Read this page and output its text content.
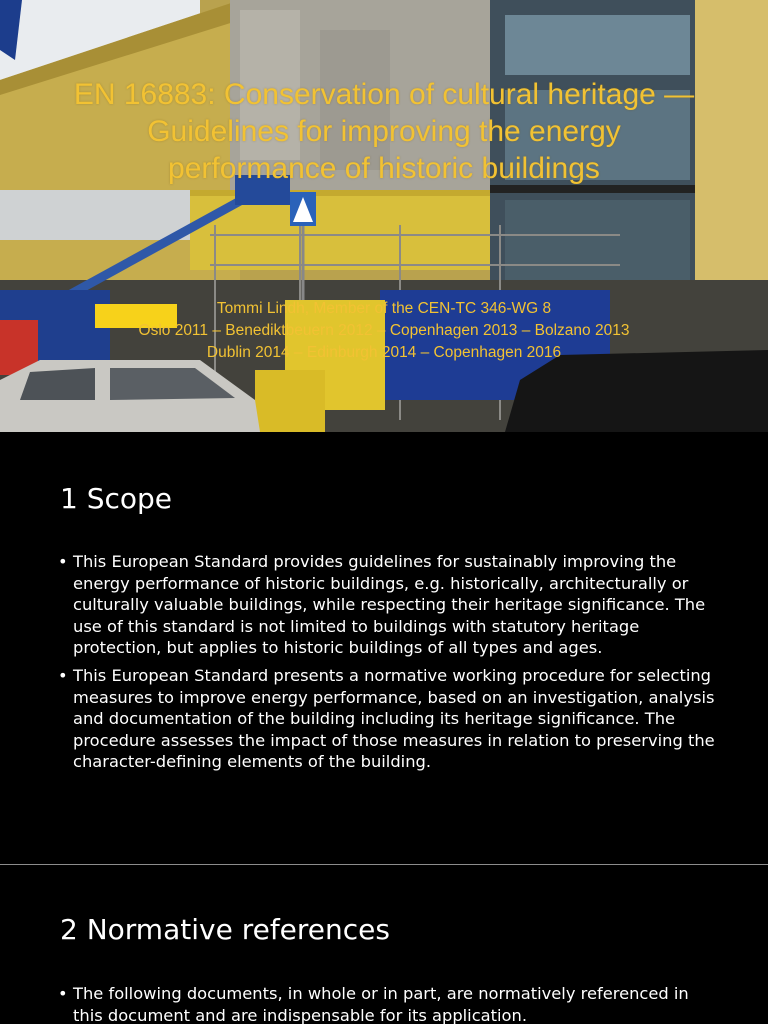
EN 16883: Conservation of cultural heritage — Guidelines for improving the energy performance of historic buildings
Tommi Lindh, Member of the CEN-TC 346-WG 8
Oslo 2011 – Benediktbeuern 2012 – Copenhagen 2013 – Bolzano 2013
Dublin 2014 – Edinburgh 2014 – Copenhagen 2016
1 Scope
• This European Standard provides guidelines for sustainably improving the energy performance of historic buildings, e.g. historically, architecturally or culturally valuable buildings, while respecting their heritage significance. The use of this standard is not limited to buildings with statutory heritage protection, but applies to historic buildings of all types and ages.
• This European Standard presents a normative working procedure for selecting measures to improve energy performance, based on an investigation, analysis and documentation of the building including its heritage significance. The procedure assesses the impact of those measures in relation to preserving the character-defining elements of the building.
2 Normative references
• The following documents, in whole or in part, are normatively referenced in this document and are indispensable for its application.
